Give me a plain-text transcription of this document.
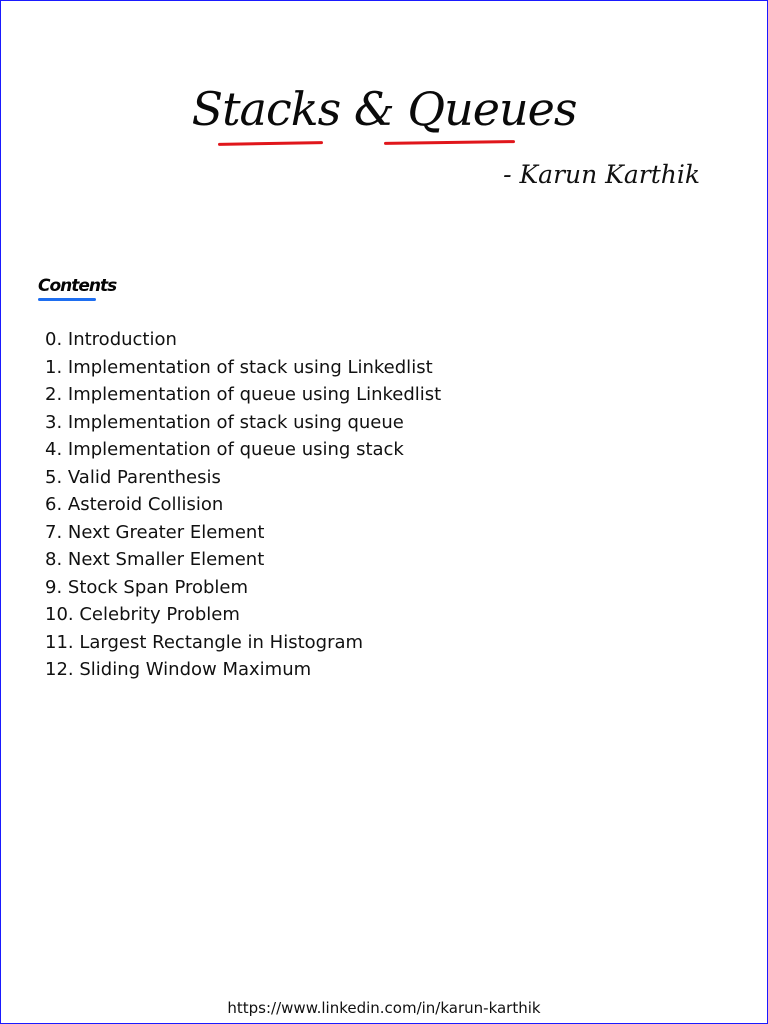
Stacks & Queues

- Karun Karthik

Contents

0. Introduction
1. Implementation of stack using Linkedlist
2. Implementation of queue using Linkedlist
3. Implementation of stack using queue
4. Implementation of queue using stack
5. Valid Parenthesis
6. Asteroid Collision
7. Next Greater Element
8. Next Smaller Element
9. Stock Span Problem
10. Celebrity Problem
11. Largest Rectangle in Histogram
12. Sliding Window Maximum
https://www.linkedin.com/in/karun-karthik
